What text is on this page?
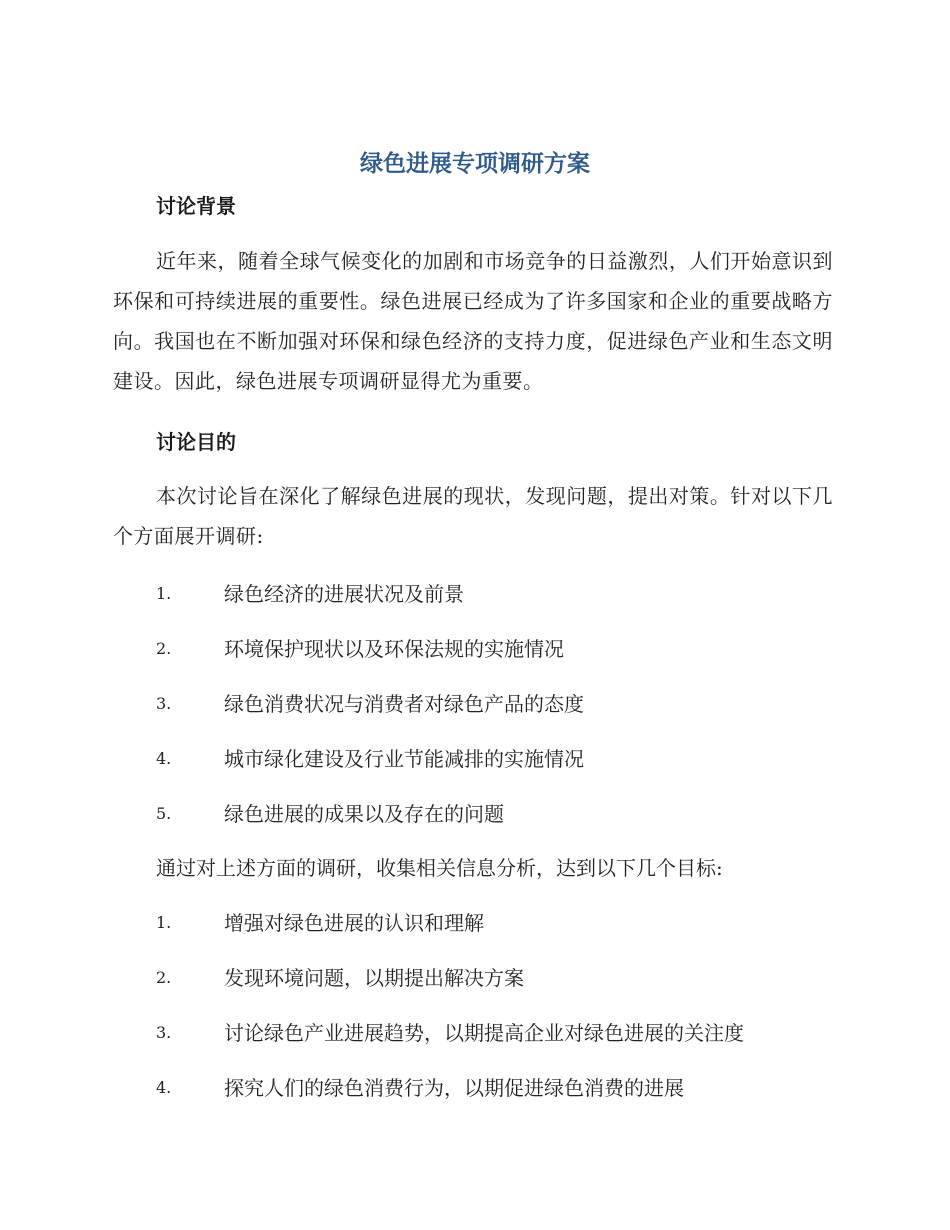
绿色进展专项调研方案
讨论背景
近年来，随着全球气候变化的加剧和市场竞争的日益激烈，人们开始意识到环保和可持续进展的重要性。绿色进展已经成为了许多国家和企业的重要战略方向。我国也在不断加强对环保和绿色经济的支持力度，促进绿色产业和生态文明建设。因此，绿色进展专项调研显得尤为重要。
讨论目的
本次讨论旨在深化了解绿色进展的现状，发现问题，提出对策。针对以下几个方面展开调研:
1.	绿色经济的进展状况及前景
2.	环境保护现状以及环保法规的实施情况
3.	绿色消费状况与消费者对绿色产品的态度
4.	城市绿化建设及行业节能减排的实施情况
5.	绿色进展的成果以及存在的问题
通过对上述方面的调研，收集相关信息分析，达到以下几个目标:
1.	增强对绿色进展的认识和理解
2.	发现环境问题，以期提出解决方案
3.	讨论绿色产业进展趋势，以期提高企业对绿色进展的关注度
4.	探究人们的绿色消费行为，以期促进绿色消费的进展
